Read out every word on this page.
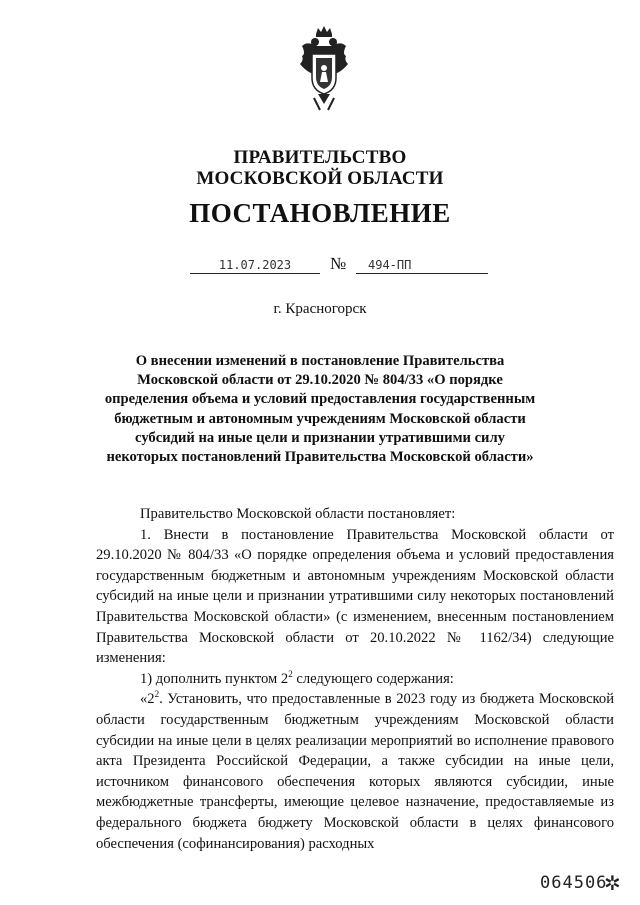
ПРАВИТЕЛЬСТВО
МОСКОВСКОЙ ОБЛАСТИ
ПОСТАНОВЛЕНИЕ
11.07.2023	№	494-ПП
г. Красногорск
О внесении изменений в постановление Правительства Московской области от 29.10.2020 № 804/33 «О порядке определения объема и условий предоставления государственным бюджетным и автономным учреждениям Московской области субсидий на иные цели и признании утратившими силу некоторых постановлений Правительства Московской области»

Правительство Московской области постановляет:

1. Внести в постановление Правительства Московской области от 29.10.2020 № 804/33 «О порядке определения объема и условий предоставления государственным бюджетным и автономным учреждениям Московской области субсидий на иные цели и признании утратившими силу некоторых постановлений Правительства Московской области» (с изменением, внесенным постановлением Правительства Московской области от 20.10.2022 № 1162/34) следующие изменения:

1) дополнить пунктом $2^2$ следующего содержания:

«$2^2$. Установить, что предоставленные в 2023 году из бюджета Московской области государственным бюджетным учреждениям Московской области субсидии на иные цели в целях реализации мероприятий во исполнение правового акта Президента Российской Федерации, а также субсидии на иные цели, источником финансового обеспечения которых являются субсидии, иные межбюджетные трансферты, имеющие целевое назначение, предоставляемые из федерального бюджета бюджету Московской области в целях финансового обеспечения (софинансирования) расходных

064506
✲
